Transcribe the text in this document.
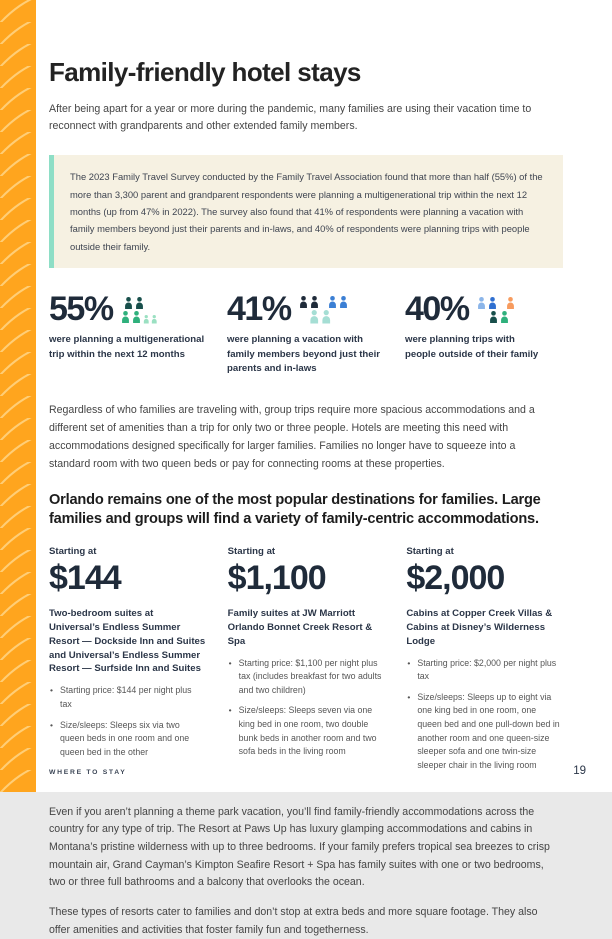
Family-friendly hotel stays

After being apart for a year or more during the pandemic, many families are using their vacation time to reconnect with grandparents and other extended family members.

The 2023 Family Travel Survey conducted by the Family Travel Association found that more than half (55%) of the more than 3,300 parent and grandparent respondents were planning a multigenerational trip within the next 12 months (up from 47% in 2022). The survey also found that 41% of respondents were planning a vacation with family members beyond just their parents and in-laws, and 40% of respondents were planning trips with people outside their family.

55%

were planning a multigenerational trip within the next 12 months

41%

were planning a vacation with family members beyond just their parents and in-laws

40%

were planning trips with people outside of their family

Regardless of who families are traveling with, group trips require more spacious accommodations and a different set of amenities than a trip for only two or three people. Hotels are meeting this need with accommodations designed specifically for larger families. Families no longer have to squeeze into a standard room with two queen beds or pay for connecting rooms at these properties.

Orlando remains one of the most popular destinations for families. Large families and groups will find a variety of family-centric accommodations.

Starting at

$144

Two-bedroom suites at Universal’s Endless Summer Resort — Dockside Inn and Suites and Universal’s Endless Summer Resort — Surfside Inn and Suites

• Starting price: $144 per night plus tax
• Size/sleeps: Sleeps six via two queen beds in one room and one queen bed in the other

Starting at

$1,100

Family suites at JW Marriott Orlando Bonnet Creek Resort & Spa

• Starting price: $1,100 per night plus tax (includes breakfast for two adults and two children)
• Size/sleeps: Sleeps seven via one king bed in one room, two double bunk beds in another room and two sofa beds in the living room

Starting at

$2,000

Cabins at Copper Creek Villas & Cabins at Disney’s Wilderness Lodge

• Starting price: $2,000 per night plus tax
• Size/sleeps: Sleeps up to eight via one king bed in one room, one queen bed and one pull-down bed in another room and one queen-size sleeper sofa and one twin-size sleeper chair in the living room

Even if you aren’t planning a theme park vacation, you’ll find family-friendly accommodations across the country for any type of trip. The Resort at Paws Up has luxury glamping accommodations and cabins in Montana’s pristine wilderness with up to three bedrooms. If your family prefers tropical sea breezes to crisp mountain air, Grand Cayman’s Kimpton Seafire Resort + Spa has family suites with one or two bedrooms, two or three full bathrooms and a balcony that overlooks the ocean.

These types of resorts cater to families and don’t stop at extra beds and more square footage. They also offer amenities and activities that foster family fun and togetherness.

WHERE TO STAY	19
